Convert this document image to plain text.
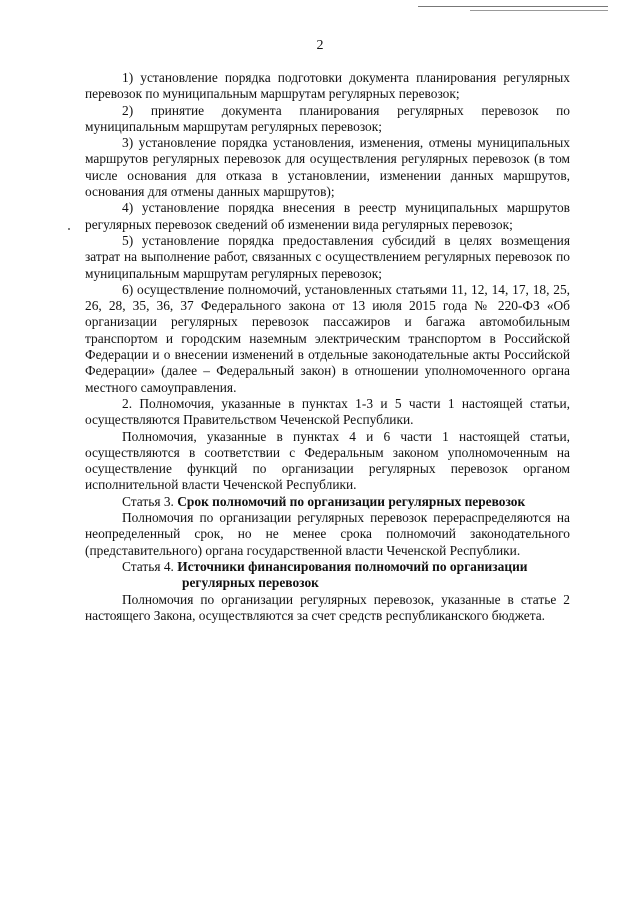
2

1) установление порядка подготовки документа планирования регулярных перевозок по муниципальным маршрутам регулярных перевозок;

2) принятие документа планирования регулярных перевозок по муниципальным маршрутам регулярных перевозок;

3) установление порядка установления, изменения, отмены муниципальных маршрутов регулярных перевозок для осуществления регулярных перевозок (в том числе основания для отказа в установлении, изменении данных маршрутов, основания для отмены данных маршрутов);

4) установление порядка внесения в реестр муниципальных маршрутов регулярных перевозок сведений об изменении вида регулярных перевозок;

5) установление порядка предоставления субсидий в целях возмещения затрат на выполнение работ, связанных с осуществлением регулярных перевозок по муниципальным маршрутам регулярных перевозок;

6) осуществление полномочий, установленных статьями 11, 12, 14, 17, 18, 25, 26, 28, 35, 36, 37 Федерального закона от 13 июля 2015 года № 220-ФЗ «Об организации регулярных перевозок пассажиров и багажа автомобильным транспортом и городским наземным электрическим транспортом в Российской Федерации и о внесении изменений в отдельные законодательные акты Российской Федерации» (далее – Федеральный закон) в отношении уполномоченного органа местного самоуправления.

2. Полномочия, указанные в пунктах 1-3 и 5 части 1 настоящей статьи, осуществляются Правительством Чеченской Республики.

Полномочия, указанные в пунктах 4 и 6 части 1 настоящей статьи, осуществляются в соответствии с Федеральным законом уполномоченным на осуществление функций по организации регулярных перевозок органом исполнительной власти Чеченской Республики.

Статья 3. Срок полномочий по организации регулярных перевозок

Полномочия по организации регулярных перевозок перераспределяются на неопределенный срок, но не менее срока полномочий законодательного (представительного) органа государственной власти Чеченской Республики.

Статья 4. Источники финансирования полномочий по организации
регулярных перевозок

Полномочия по организации регулярных перевозок, указанные в статье 2 настоящего Закона, осуществляются за счет средств республиканского бюджета.
